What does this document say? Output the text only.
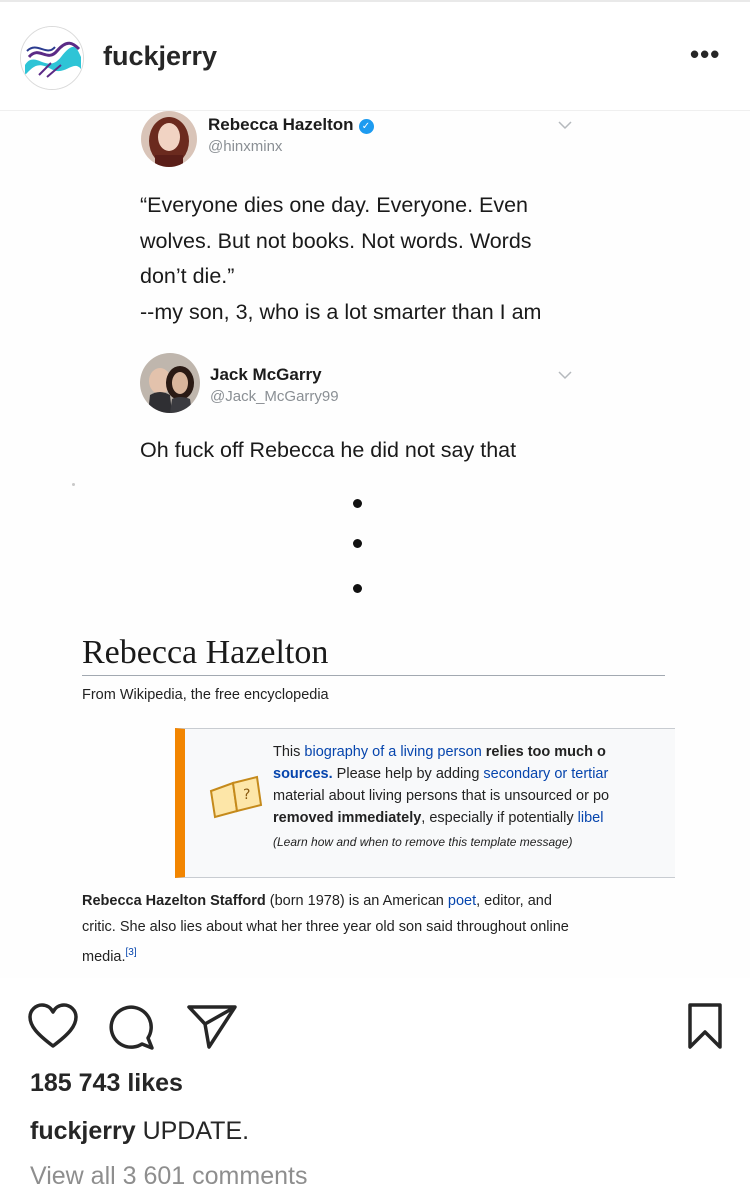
fuckjerry	•••
Rebecca Hazelton ✓
@hinxminx
“Everyone dies one day. Everyone. Even
wolves. But not books. Not words. Words
don’t die.”
--my son, 3, who is a lot smarter than I am
Jack McGarry
@Jack_McGarry99
Oh fuck off Rebecca he did not say that
Rebecca Hazelton
From Wikipedia, the free encyclopedia
?
This biography of a living person relies too much o
sources. Please help by adding secondary or tertiar
material about living persons that is unsourced or po
removed immediately, especially if potentially libel
(Learn how and when to remove this template message)
Rebecca Hazelton Stafford (born 1978) is an American poet, editor, and
critic. She also lies about what her three year old son said throughout online
media.[3]
185 743 likes
fuckjerry UPDATE.
View all 3 601 comments
